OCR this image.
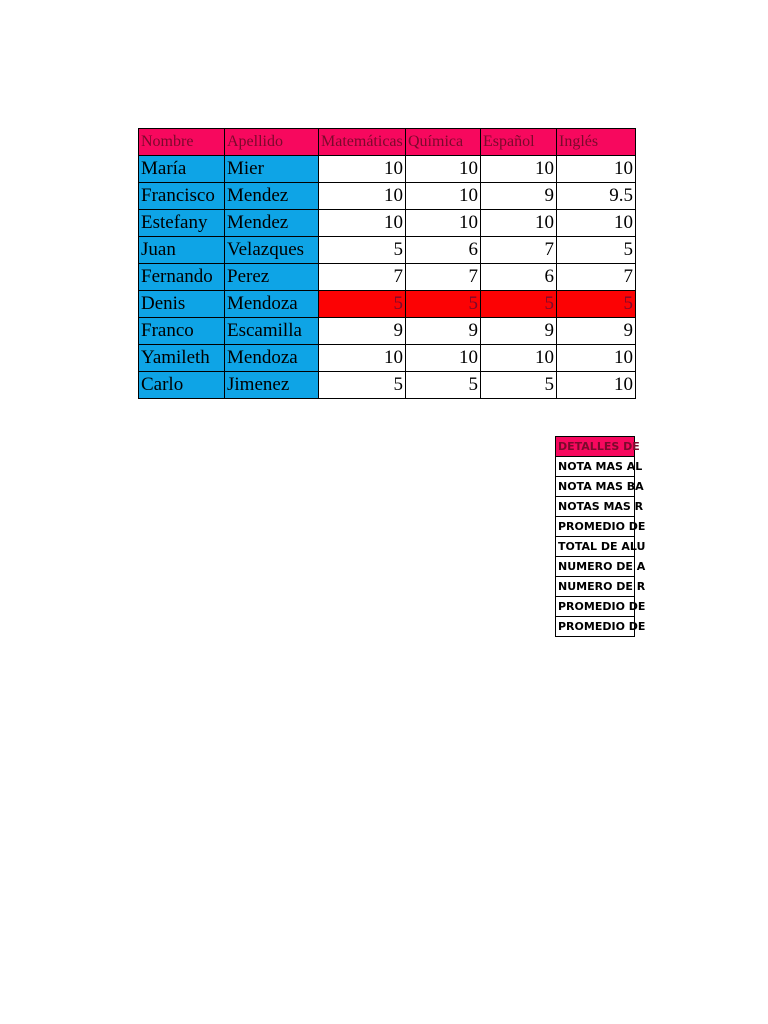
Nombre	Apellido	Matemáticas	Química	Español	Inglés
María	Mier	10	10	10	10
Francisco	Mendez	10	10	9	9.5
Estefany	Mendez	10	10	10	10
Juan	Velazques	5	6	7	5
Fernando	Perez	7	7	6	7
Denis	Mendoza	5	5	5	5
Franco	Escamilla	9	9	9	9
Yamileth	Mendoza	10	10	10	10
Carlo	Jimenez	5	5	5	10
DETALLES DE
NOTA MAS AL
NOTA MAS BA
NOTAS MAS R
PROMEDIO DE
TOTAL DE ALU
NUMERO DE A
NUMERO DE R
PROMEDIO DE
PROMEDIO DE
